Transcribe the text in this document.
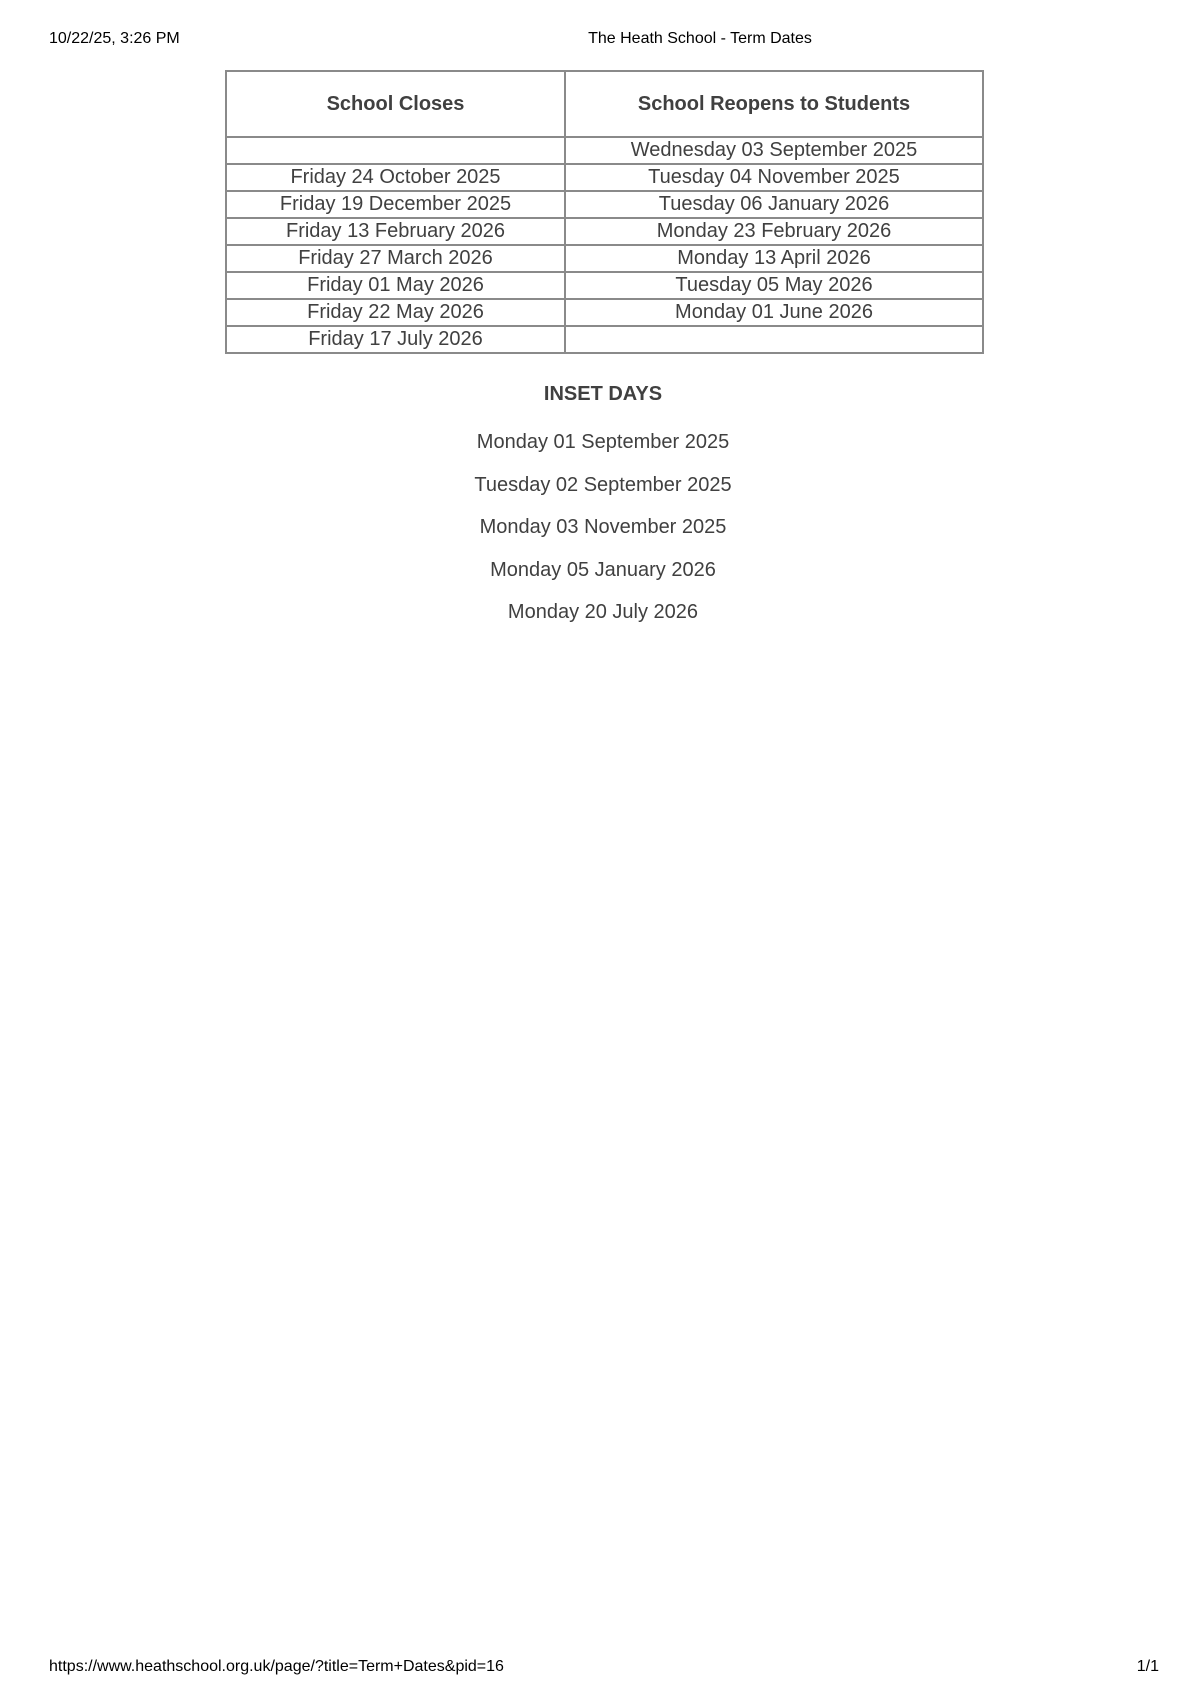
10/22/25, 3:26 PM	The Heath School - Term Dates
School Closes	School Reopens to Students
	Wednesday 03 September 2025
Friday 24 October 2025	Tuesday 04 November 2025
Friday 19 December 2025	Tuesday 06 January 2026
Friday 13 February 2026	Monday 23 February 2026
Friday 27 March 2026	Monday 13 April 2026
Friday 01 May 2026	Tuesday 05 May 2026
Friday 22 May 2026	Monday 01 June 2026
Friday 17 July 2026	
INSET DAYS
Monday 01 September 2025
Tuesday 02 September 2025
Monday 03 November 2025
Monday 05 January 2026
Monday 20 July 2026
https://www.heathschool.org.uk/page/?title=Term+Dates&pid=16	1/1
